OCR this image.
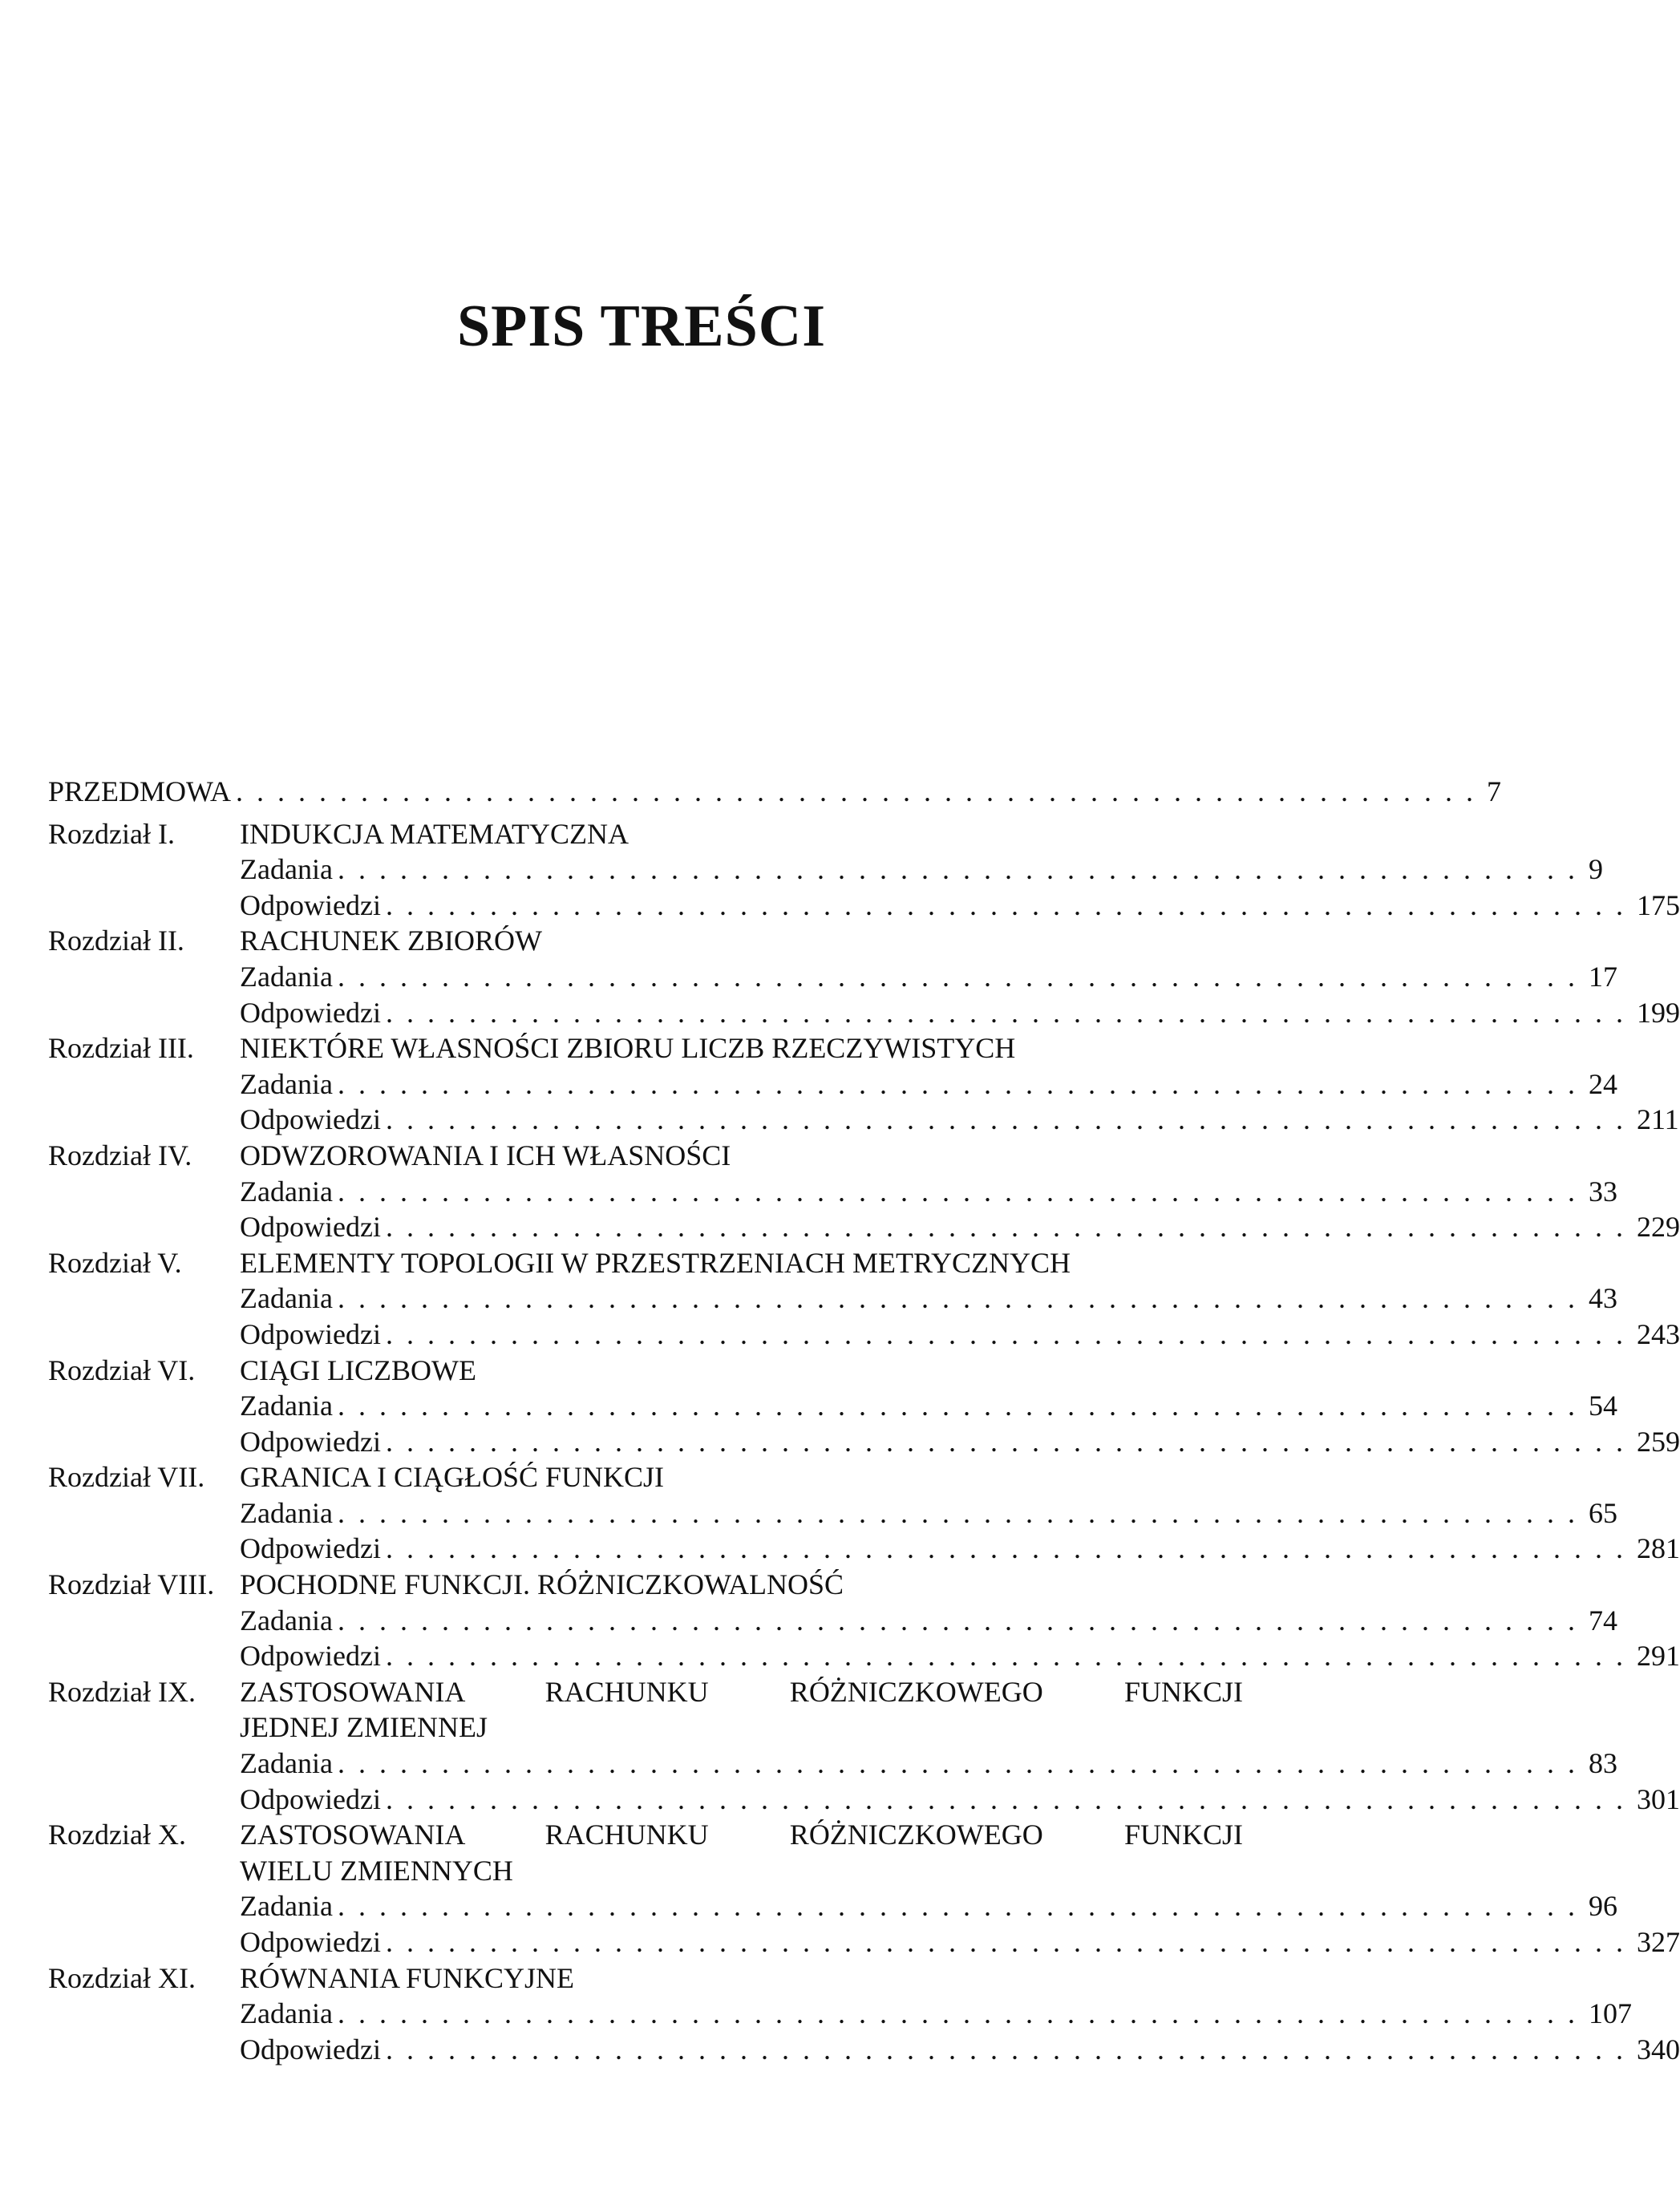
SPIS TREŚCI
PRZEDMOWA ............................................................ 7
Rozdział I. INDUKCJA MATEMATYCZNA
Zadania ............................................................ 9
Odpowiedzi ............................................................ 175
Rozdział II. RACHUNEK ZBIORÓW
Zadania ............................................................ 17
Odpowiedzi ............................................................ 199
Rozdział III. NIEKTÓRE WŁASNOŚCI ZBIORU LICZB RZECZYWISTYCH
Zadania ............................................................ 24
Odpowiedzi ............................................................ 211
Rozdział IV. ODWZOROWANIA I ICH WŁASNOŚCI
Zadania ............................................................ 33
Odpowiedzi ............................................................ 229
Rozdział V. ELEMENTY TOPOLOGII W PRZESTRZENIACH METRYCZNYCH
Zadania ............................................................ 43
Odpowiedzi ............................................................ 243
Rozdział VI. CIĄGI LICZBOWE
Zadania ............................................................ 54
Odpowiedzi ............................................................ 259
Rozdział VII. GRANICA I CIĄGŁOŚĆ FUNKCJI
Zadania ............................................................ 65
Odpowiedzi ............................................................ 281
Rozdział VIII. POCHODNE FUNKCJI. RÓŻNICZKOWALNOŚĆ
Zadania ............................................................ 74
Odpowiedzi ............................................................ 291
Rozdział IX. ZASTOSOWANIA RACHUNKU RÓŻNICZKOWEGO FUNKCJI
JEDNEJ ZMIENNEJ
Zadania ............................................................ 83
Odpowiedzi ............................................................ 301
Rozdział X. ZASTOSOWANIA RACHUNKU RÓŻNICZKOWEGO FUNKCJI
WIELU ZMIENNYCH
Zadania ............................................................ 96
Odpowiedzi ............................................................ 327
Rozdział XI. RÓWNANIA FUNKCYJNE
Zadania ............................................................ 107
Odpowiedzi ............................................................ 340
